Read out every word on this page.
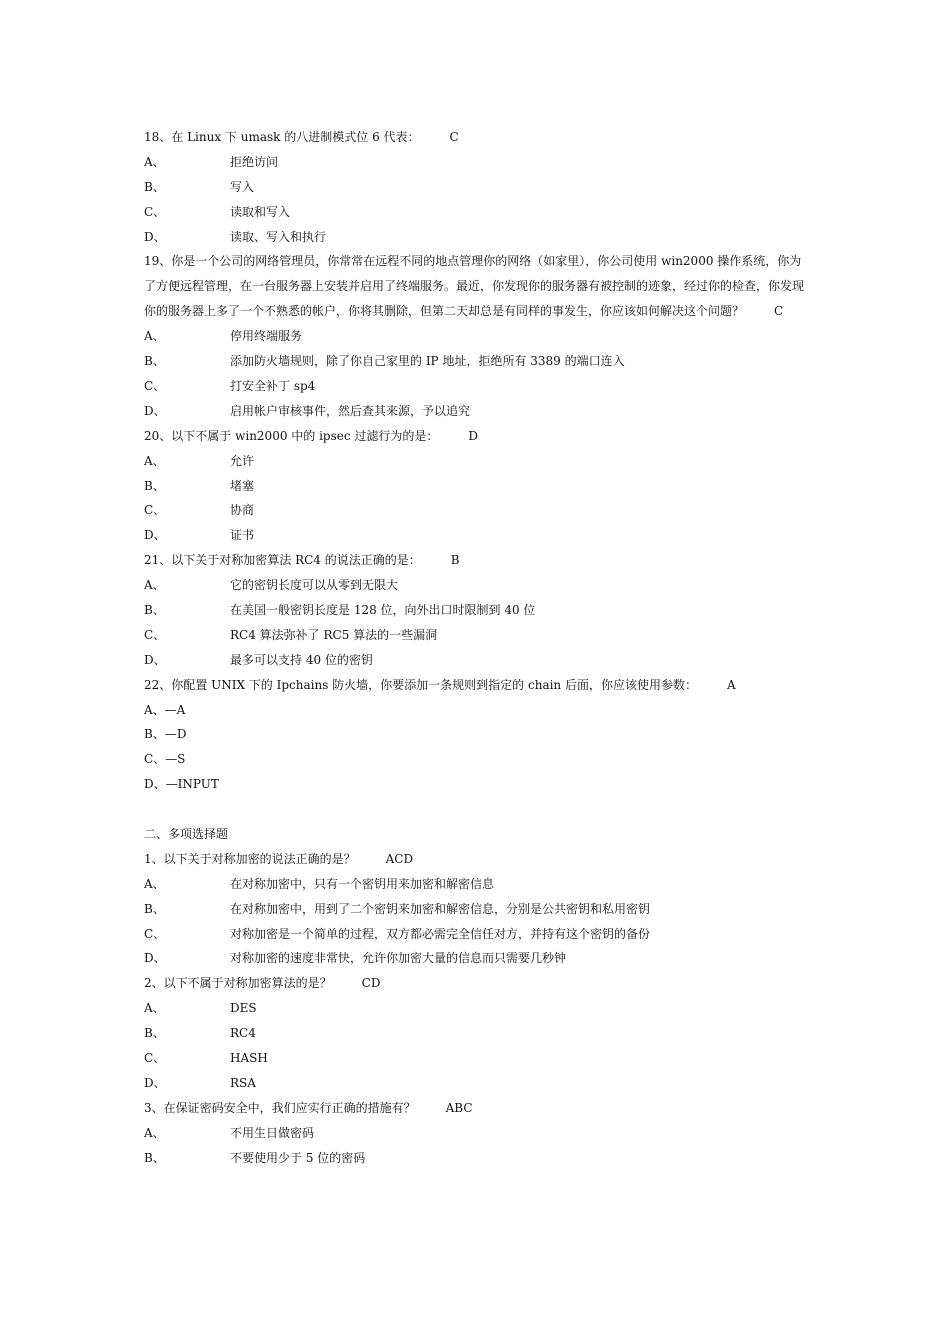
18、在 Linux 下 umask 的八进制模式位 6 代表：	C
A、	拒绝访问
B、	写入
C、	读取和写入
D、	读取、写入和执行
19、你是一个公司的网络管理员，你常常在远程不同的地点管理你的网络（如家里），你公司使用 win2000 操作系统，你为了方便远程管理，在一台服务器上安装并启用了终端服务。最近，你发现你的服务器有被控制的迹象，经过你的检查，你发现你的服务器上多了一个不熟悉的帐户，你将其删除，但第二天却总是有同样的事发生，你应该如何解决这个问题？	C
A、	停用终端服务
B、	添加防火墙规则，除了你自己家里的 IP 地址，拒绝所有 3389 的端口连入
C、	打安全补丁 sp4
D、	启用帐户审核事件，然后查其来源，予以追究
20、以下不属于 win2000 中的 ipsec 过滤行为的是：	D
A、	允许
B、	堵塞
C、	协商
D、	证书
21、以下关于对称加密算法 RC4 的说法正确的是：	B
A、	它的密钥长度可以从零到无限大
B、	在美国一般密钥长度是 128 位，向外出口时限制到 40 位
C、	RC4 算法弥补了 RC5 算法的一些漏洞
D、	最多可以支持 40 位的密钥
22、你配置 UNIX 下的 Ipchains 防火墙，你要添加一条规则到指定的 chain 后面，你应该使用参数：	A
A、—A
B、—D
C、—S
D、—INPUT
二、多项选择题
1、以下关于对称加密的说法正确的是？	ACD
A、	在对称加密中，只有一个密钥用来加密和解密信息
B、	在对称加密中，用到了二个密钥来加密和解密信息，分别是公共密钥和私用密钥
C、	对称加密是一个简单的过程，双方都必需完全信任对方，并持有这个密钥的备份
D、	对称加密的速度非常快，允许你加密大量的信息而只需要几秒钟
2、以下不属于对称加密算法的是？	CD
A、	DES
B、	RC4
C、	HASH
D、	RSA
3、在保证密码安全中，我们应实行正确的措施有？	ABC
A、	不用生日做密码
B、	不要使用少于 5 位的密码
